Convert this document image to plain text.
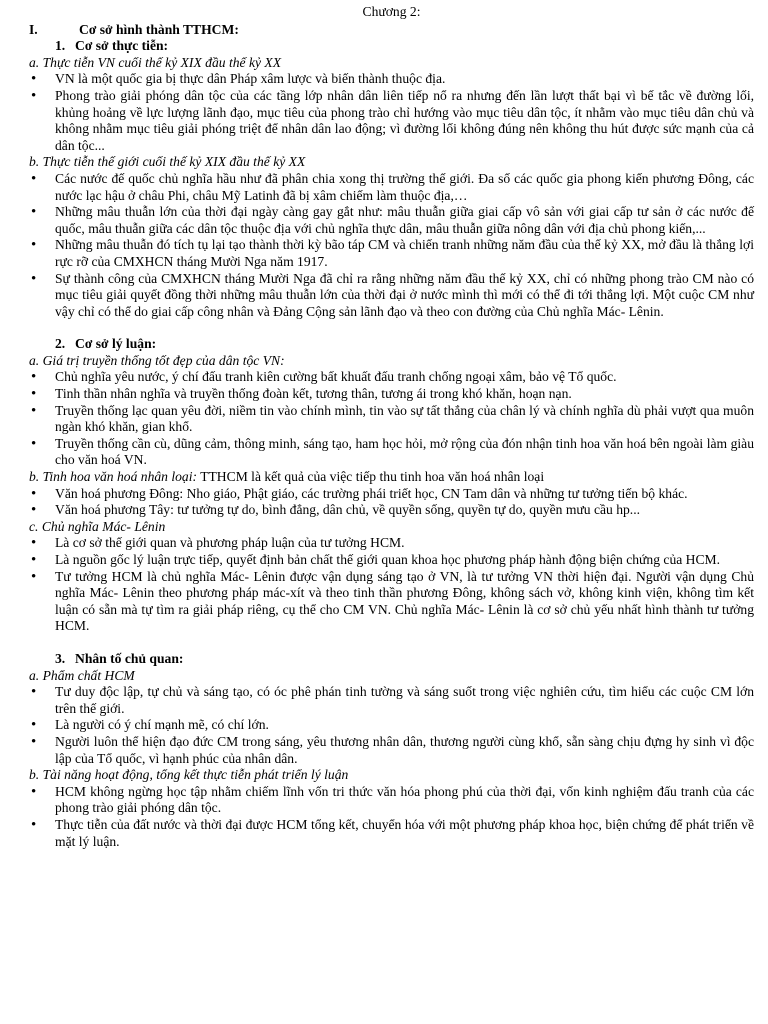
Chương 2:
I.	Cơ sở hình thành TTHCM:
1. Cơ sở thực tiễn:
a. Thực tiễn VN cuối thế kỷ XIX đầu thế kỷ XX
• VN là một quốc gia bị thực dân Pháp xâm lược và biến thành thuộc địa.
• Phong trào giải phóng dân tộc của các tầng lớp nhân dân liên tiếp nổ ra nhưng đến lần lượt thất bại vì bế tắc về đường lối, khủng hoảng về lực lượng lãnh đạo, mục tiêu của phong trào chỉ hướng vào mục tiêu dân tộc, ít nhằm vào mục tiêu dân chủ và không nhằm mục tiêu giải phóng triệt để nhân dân lao động; vì đường lối không đúng nên không thu hút được sức mạnh của cả dân tộc...
b. Thực tiễn thế giới cuối thế kỷ XIX đầu thế kỷ XX
• Các nước đế quốc chủ nghĩa hầu như đã phân chia xong thị trường thế giới. Đa số các quốc gia phong kiến phương Đông, các nước lạc hậu ở châu Phi, châu Mỹ Latinh đã bị xâm chiếm làm thuộc địa,…
• Những mâu thuẫn lớn của thời đại ngày càng gay gắt như: mâu thuẫn giữa giai cấp vô sản với giai cấp tư sản ở các nước đế quốc, mâu thuẫn giữa các dân tộc thuộc địa với chủ nghĩa thực dân, mâu thuẫn giữa nông dân với địa chủ phong kiến,...
• Những mâu thuẫn đó tích tụ lại tạo thành thời kỳ bão táp CM và chiến tranh những năm đầu của thế kỷ XX, mở đầu là thắng lợi rực rỡ của CMXHCN tháng Mười Nga năm 1917.
• Sự thành công của CMXHCN tháng Mười Nga đã chỉ ra rằng những năm đầu thế kỷ XX, chỉ có những phong trào CM nào có mục tiêu giải quyết đồng thời những mâu thuẫn lớn của thời đại ở nước mình thì mới có thể đi tới thắng lợi. Một cuộc CM như vậy chỉ có thể do giai cấp công nhân và Đảng Cộng sản lãnh đạo và theo con đường của Chủ nghĩa Mác- Lênin.
2. Cơ sở lý luận:
a. Giá trị truyền thống tốt đẹp của dân tộc VN:
• Chủ nghĩa yêu nước, ý chí đấu tranh kiên cường bất khuất đấu tranh chống ngoại xâm, bảo vệ Tổ quốc.
• Tinh thần nhân nghĩa và truyền thống đoàn kết, tương thân, tương ái trong khó khăn, hoạn nạn.
• Truyền thống lạc quan yêu đời, niềm tin vào chính mình, tin vào sự tất thắng của chân lý và chính nghĩa dù phải vượt qua muôn ngàn khó khăn, gian khổ.
• Truyền thống cần cù, dũng cảm, thông minh, sáng tạo, ham học hỏi, mở rộng của đón nhận tinh hoa văn hoá bên ngoài làm giàu cho văn hoá VN.
b. Tinh hoa văn hoá nhân loại: TTHCM là kết quả của việc tiếp thu tinh hoa văn hoá nhân loại
• Văn hoá phương Đông: Nho giáo, Phật giáo, các trường phái triết học, CN Tam dân và những tư tưởng tiến bộ khác.
• Văn hoá phương Tây: tư tưởng tự do, bình đẳng, dân chủ, về quyền sống, quyền tự do, quyền mưu cầu hp...
c. Chủ nghĩa Mác- Lênin
• Là cơ sở thế giới quan và phương pháp luận của tư tưởng HCM.
• Là nguồn gốc lý luận trực tiếp, quyết định bản chất thế giới quan khoa học phương pháp hành động biện chứng của HCM.
• Tư tưởng HCM là chủ nghĩa Mác- Lênin được vận dụng sáng tạo ở VN, là tư tưởng VN thời hiện đại. Người vận dụng Chủ nghĩa Mác- Lênin theo phương pháp mác-xít và theo tinh thần phương Đông, không sách vở, không kinh viện, không tìm kết luận có sẵn mà tự tìm ra giải pháp riêng, cụ thể cho CM VN. Chủ nghĩa Mác- Lênin là cơ sở chủ yếu nhất hình thành tư tưởng HCM.
3. Nhân tố chủ quan:
a. Phẩm chất HCM
• Tư duy độc lập, tự chủ và sáng tạo, có óc phê phán tinh tường và sáng suốt trong việc nghiên cứu, tìm hiểu các cuộc CM lớn trên thế giới.
• Là người có ý chí mạnh mẽ, có chí lớn.
• Người luôn thể hiện đạo đức CM trong sáng, yêu thương nhân dân, thương người cùng khổ, sẵn sàng chịu đựng hy sinh vì độc lập của Tổ quốc, vì hạnh phúc của nhân dân.
b. Tài năng hoạt động, tổng kết thực tiễn phát triển lý luận
• HCM không ngừng học tập nhằm chiếm lĩnh vốn tri thức văn hóa phong phú của thời đại, vốn kinh nghiệm đấu tranh của các phong trào giải phóng dân tộc.
• Thực tiễn của đất nước và thời đại được HCM tổng kết, chuyển hóa với một phương pháp khoa học, biện chứng để phát triển về mặt lý luận.
